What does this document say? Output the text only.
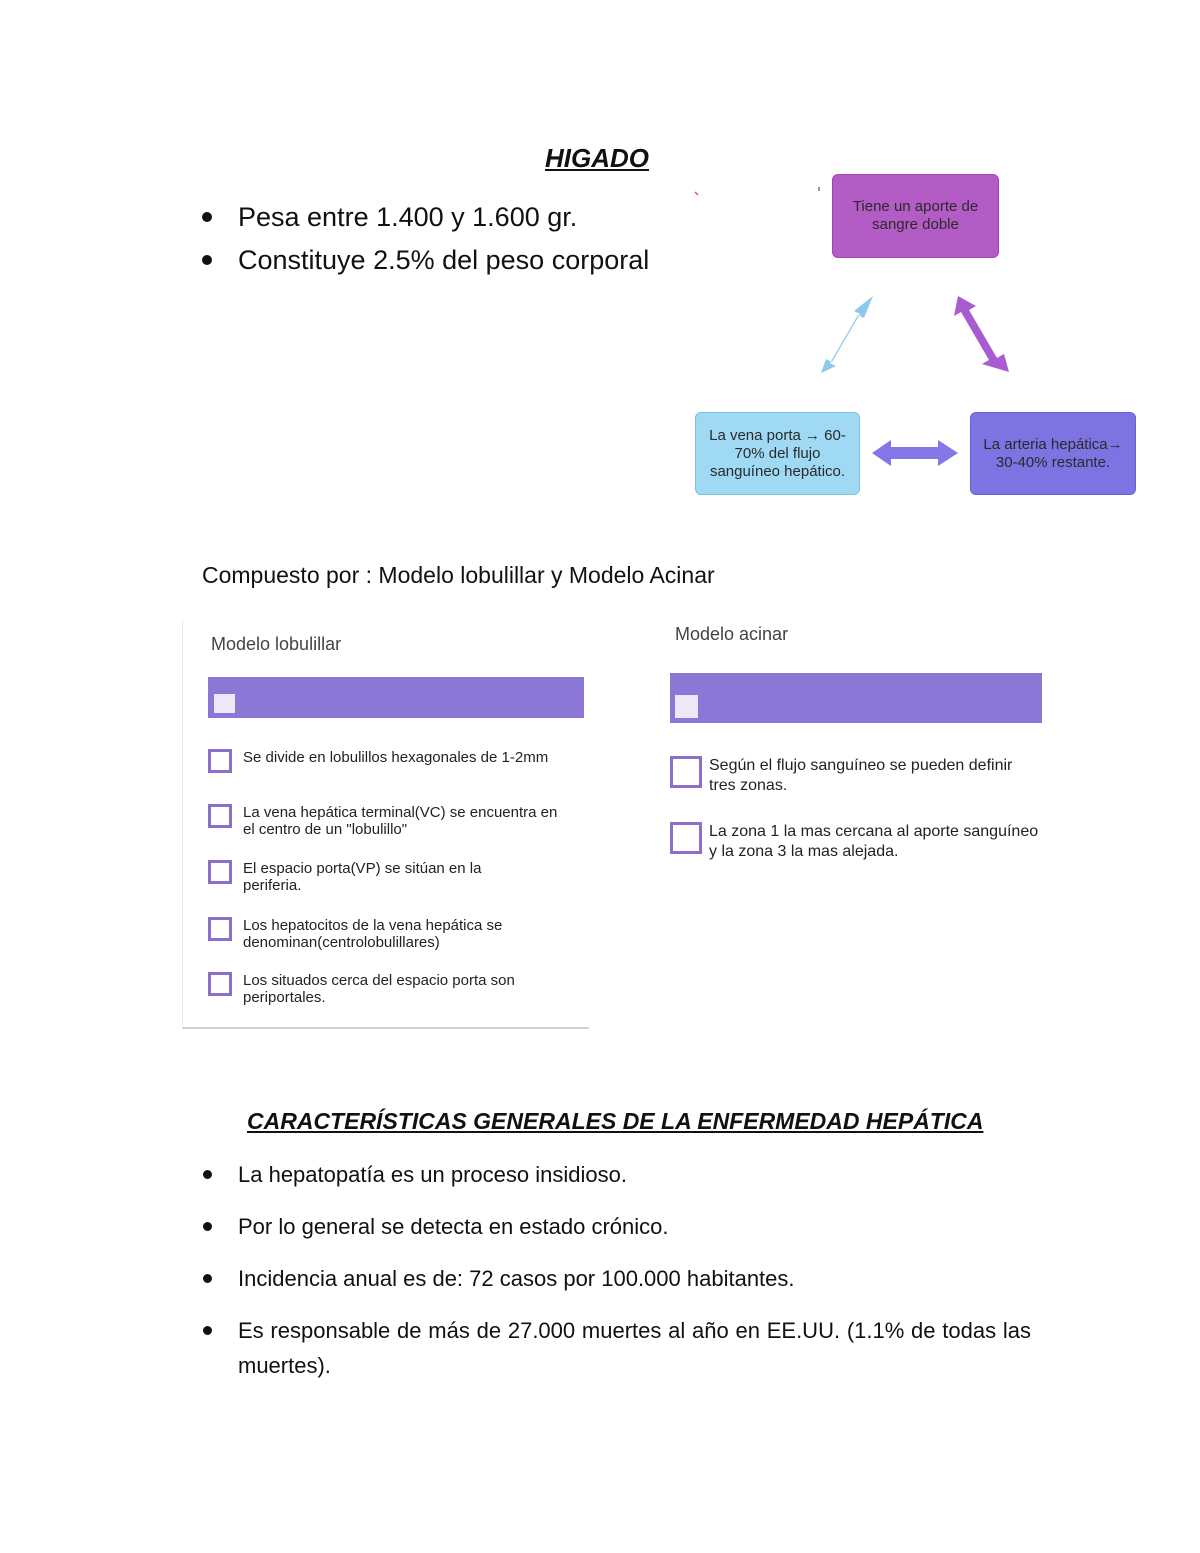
HIGADO
Pesa entre 1.400 y 1.600 gr.
Constituye 2.5% del peso corporal
Tiene un aporte de sangre doble
La vena porta → 60-70% del flujo sanguíneo hepático.
La arteria hepática→ 30-40% restante.
Compuesto por : Modelo lobulillar y Modelo Acinar
Modelo lobulillar
Se divide en lobulillos hexagonales de 1-2mm
La vena hepática terminal(VC) se encuentra en el centro de un "lobulillo"
El espacio porta(VP) se sitúan en la periferia.
Los hepatocitos de la vena hepática se denominan(centrolobulillares)
Los situados cerca del espacio porta son periportales.
Modelo acinar
Según el flujo sanguíneo se pueden definir tres zonas.
La zona 1 la mas cercana al aporte sanguíneo y la zona 3 la mas alejada.
CARACTERÍSTICAS GENERALES DE LA ENFERMEDAD HEPÁTICA
La hepatopatía es un proceso insidioso.
Por lo general se detecta en estado crónico.
Incidencia anual es de: 72 casos por 100.000 habitantes.
Es responsable de más de 27.000 muertes al año en EE.UU. (1.1% de todas las muertes).
